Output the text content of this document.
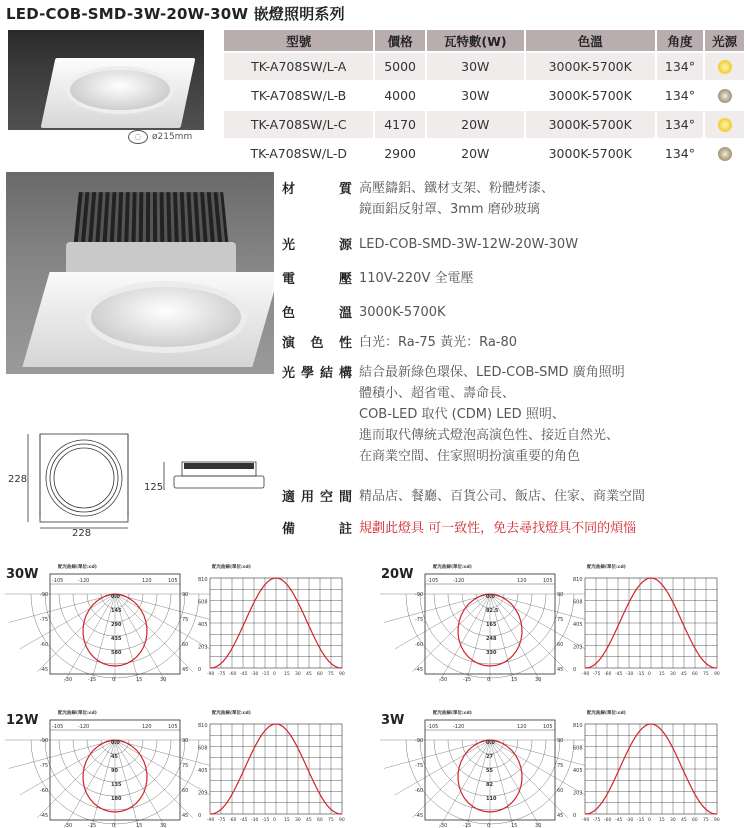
LED-COB-SMD-3W-20W-30W 嵌燈照明系列
◌	ø215mm
型號	價格	瓦特數(W)	色溫	角度	光源
TK-A708SW/L-A	5000	30W	3000K-5700K	134°	
TK-A708SW/L-B	4000	30W	3000K-5700K	134°	
TK-A708SW/L-C	4170	20W	3000K-5700K	134°	
TK-A708SW/L-D	2900	20W	3000K-5700K	134°	
材質 高壓鑄鋁、鐵材支架、粉體烤漆、
鏡面鋁反射罩、3mm 磨砂玻璃
光源 LED-COB-SMD-3W-12W-20W-30W
電壓 110V-220V 全電壓
色溫 3000K-5700K
演色性 白光：Ra-75 黃光：Ra-80
光學結構 結合最新綠色環保、LED-COB-SMD 廣角照明
體積小、超省電、壽命長、
COB-LED 取代 (CDM) LED 照明、
進而取代傳統式燈泡高演色性、接近自然光、
在商業空間、住家照明扮演重要的角色
適用空間 精品店、餐廳、百貨公司、飯店、住家、商業空間
備註 規劃此燈具 可一致性，免去尋找燈具不同的煩惱
228
228
125
30W	配光曲線(單位:cd)
0.0
145
290
435
580
-105	-120	120	105
-90
-75
-60
-45
90
75
60
45
-30	-15	0	15	30
配光曲線(單位:cd)
810
608
405
203
0
-90 -75 -60 -45 -30 -15 0 15 30 45 60 75 90
20W	配光曲線(單位:cd)
0.0
82.5
165
248
330
-105	-120	120	105
-90
-75
-60
-45
90
75
60
45
-30	-15	0	15	30
配光曲線(單位:cd)
810
608
405
203
0
-90 -75 -60 -45 -30 -15 0 15 30 45 60 75 90
12W	配光曲線(單位:cd)
0.0
45
90
135
180
-105	-120	120	105
-90
-75
-60
-45
90
75
60
45
-30	-15	0	15	30
配光曲線(單位:cd)
810
608
405
203
0
-90 -75 -60 -45 -30 -15 0 15 30 45 60 75 90
3W	配光曲線(單位:cd)
0.0
27
55
82
110
-105	-120	120	105
-90
-75
-60
-45
90
75
60
45
-30	-15	0	15	30
配光曲線(單位:cd)
810
608
405
203
0
-90 -75 -60 -45 -30 -15 0 15 30 45 60 75 90
